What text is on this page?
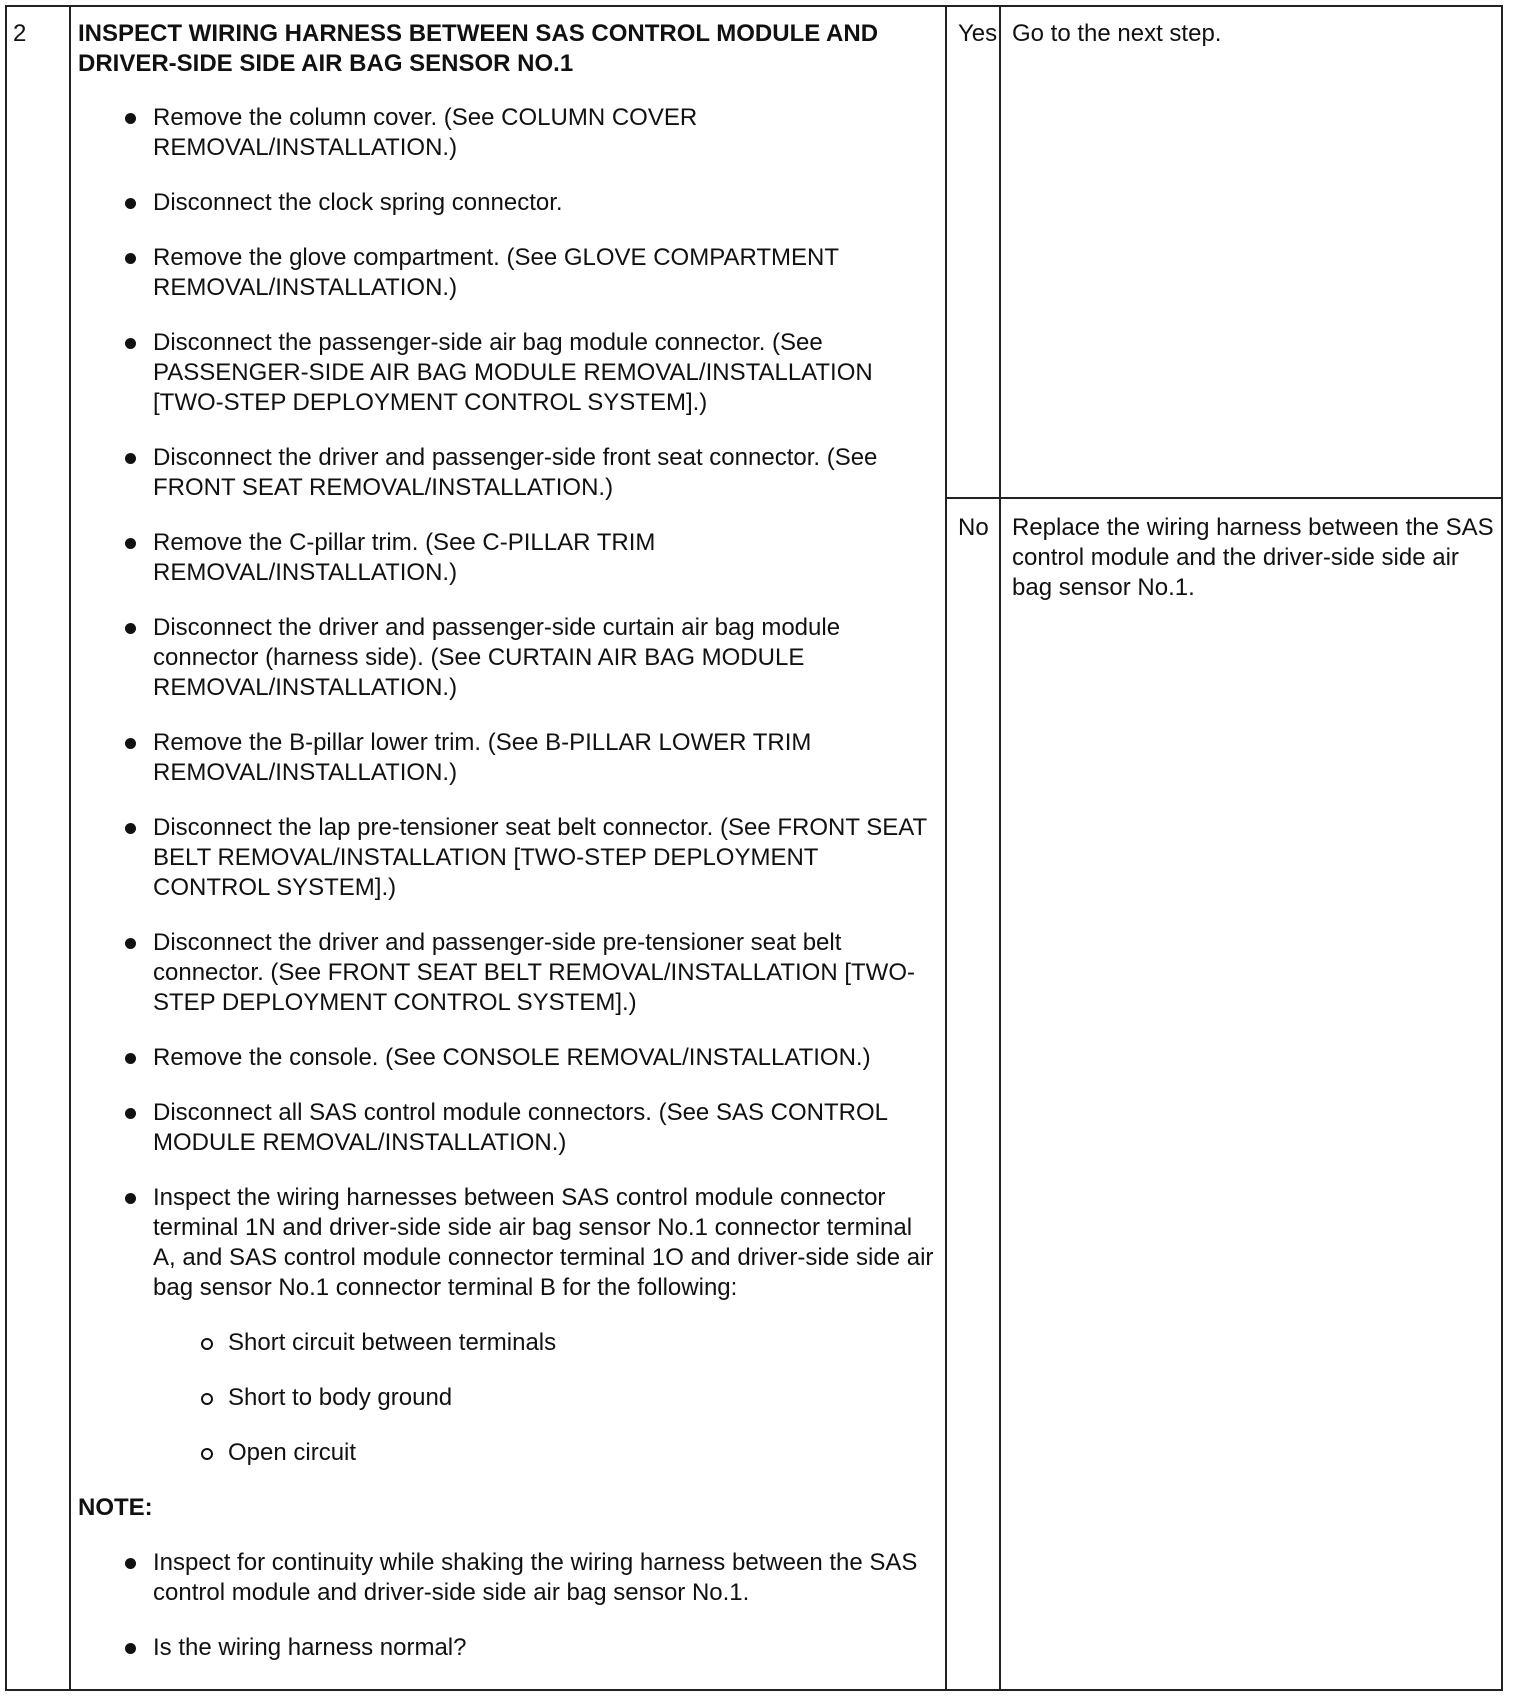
2 INSPECT WIRING HARNESS BETWEEN SAS CONTROL MODULE AND DRIVER-SIDE SIDE AIR BAG SENSOR NO.1
Remove the column cover. (See COLUMN COVER REMOVAL/INSTALLATION.)
Disconnect the clock spring connector.
Remove the glove compartment. (See GLOVE COMPARTMENT REMOVAL/INSTALLATION.)
Disconnect the passenger-side air bag module connector. (See PASSENGER-SIDE AIR BAG MODULE REMOVAL/INSTALLATION [TWO-STEP DEPLOYMENT CONTROL SYSTEM].)
Disconnect the driver and passenger-side front seat connector. (See FRONT SEAT REMOVAL/INSTALLATION.)
Remove the C-pillar trim. (See C-PILLAR TRIM REMOVAL/INSTALLATION.)
Disconnect the driver and passenger-side curtain air bag module connector (harness side). (See CURTAIN AIR BAG MODULE REMOVAL/INSTALLATION.)
Remove the B-pillar lower trim. (See B-PILLAR LOWER TRIM REMOVAL/INSTALLATION.)
Disconnect the lap pre-tensioner seat belt connector. (See FRONT SEAT BELT REMOVAL/INSTALLATION [TWO-STEP DEPLOYMENT CONTROL SYSTEM].)
Disconnect the driver and passenger-side pre-tensioner seat belt connector. (See FRONT SEAT BELT REMOVAL/INSTALLATION [TWO-STEP DEPLOYMENT CONTROL SYSTEM].)
Remove the console. (See CONSOLE REMOVAL/INSTALLATION.)
Disconnect all SAS control module connectors. (See SAS CONTROL MODULE REMOVAL/INSTALLATION.)
Inspect the wiring harnesses between SAS control module connector terminal 1N and driver-side side air bag sensor No.1 connector terminal A, and SAS control module connector terminal 1O and driver-side side air bag sensor No.1 connector terminal B for the following:
Short circuit between terminals
Short to body ground
Open circuit
NOTE:
Inspect for continuity while shaking the wiring harness between the SAS control module and driver-side side air bag sensor No.1.
Is the wiring harness normal?
Yes Go to the next step.
No Replace the wiring harness between the SAS control module and the driver-side side air bag sensor No.1.
